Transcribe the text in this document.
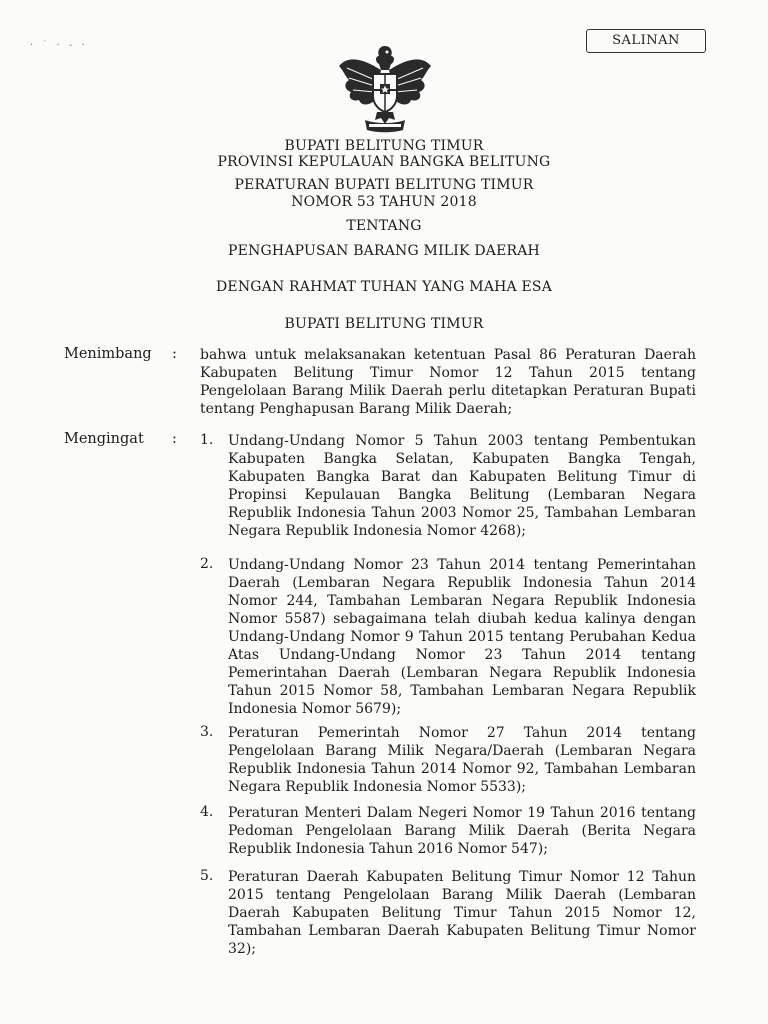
SALINAN
· ˙ · - ·
BUPATI BELITUNG TIMUR
PROVINSI KEPULAUAN BANGKA BELITUNG
PERATURAN BUPATI BELITUNG TIMUR
NOMOR 53 TAHUN 2018
TENTANG
PENGHAPUSAN BARANG MILIK DAERAH
DENGAN RAHMAT TUHAN YANG MAHA ESA
BUPATI BELITUNG TIMUR
Menimbang : bahwa untuk melaksanakan ketentuan Pasal 86 Peraturan Daerah Kabupaten Belitung Timur Nomor 12 Tahun 2015 tentang Pengelolaan Barang Milik Daerah perlu ditetapkan Peraturan Bupati tentang Penghapusan Barang Milik Daerah;
Mengingat : 1. Undang-Undang Nomor 5 Tahun 2003 tentang Pembentukan Kabupaten Bangka Selatan, Kabupaten Bangka Tengah, Kabupaten Bangka Barat dan Kabupaten Belitung Timur di Propinsi Kepulauan Bangka Belitung (Lembaran Negara Republik Indonesia Tahun 2003 Nomor 25, Tambahan Lembaran Negara Republik Indonesia Nomor 4268);
2. Undang-Undang Nomor 23 Tahun 2014 tentang Pemerintahan Daerah (Lembaran Negara Republik Indonesia Tahun 2014 Nomor 244, Tambahan Lembaran Negara Republik Indonesia Nomor 5587) sebagaimana telah diubah kedua kalinya dengan Undang-Undang Nomor 9 Tahun 2015 tentang Perubahan Kedua Atas Undang-Undang Nomor 23 Tahun 2014 tentang Pemerintahan Daerah (Lembaran Negara Republik Indonesia Tahun 2015 Nomor 58, Tambahan Lembaran Negara Republik Indonesia Nomor 5679);
3. Peraturan Pemerintah Nomor 27 Tahun 2014 tentang Pengelolaan Barang Milik Negara/Daerah (Lembaran Negara Republik Indonesia Tahun 2014 Nomor 92, Tambahan Lembaran Negara Republik Indonesia Nomor 5533);
4. Peraturan Menteri Dalam Negeri Nomor 19 Tahun 2016 tentang Pedoman Pengelolaan Barang Milik Daerah (Berita Negara Republik Indonesia Tahun 2016 Nomor 547);
5. Peraturan Daerah Kabupaten Belitung Timur Nomor 12 Tahun 2015 tentang Pengelolaan Barang Milik Daerah (Lembaran Daerah Kabupaten Belitung Timur Tahun 2015 Nomor 12, Tambahan Lembaran Daerah Kabupaten Belitung Timur Nomor 32);
